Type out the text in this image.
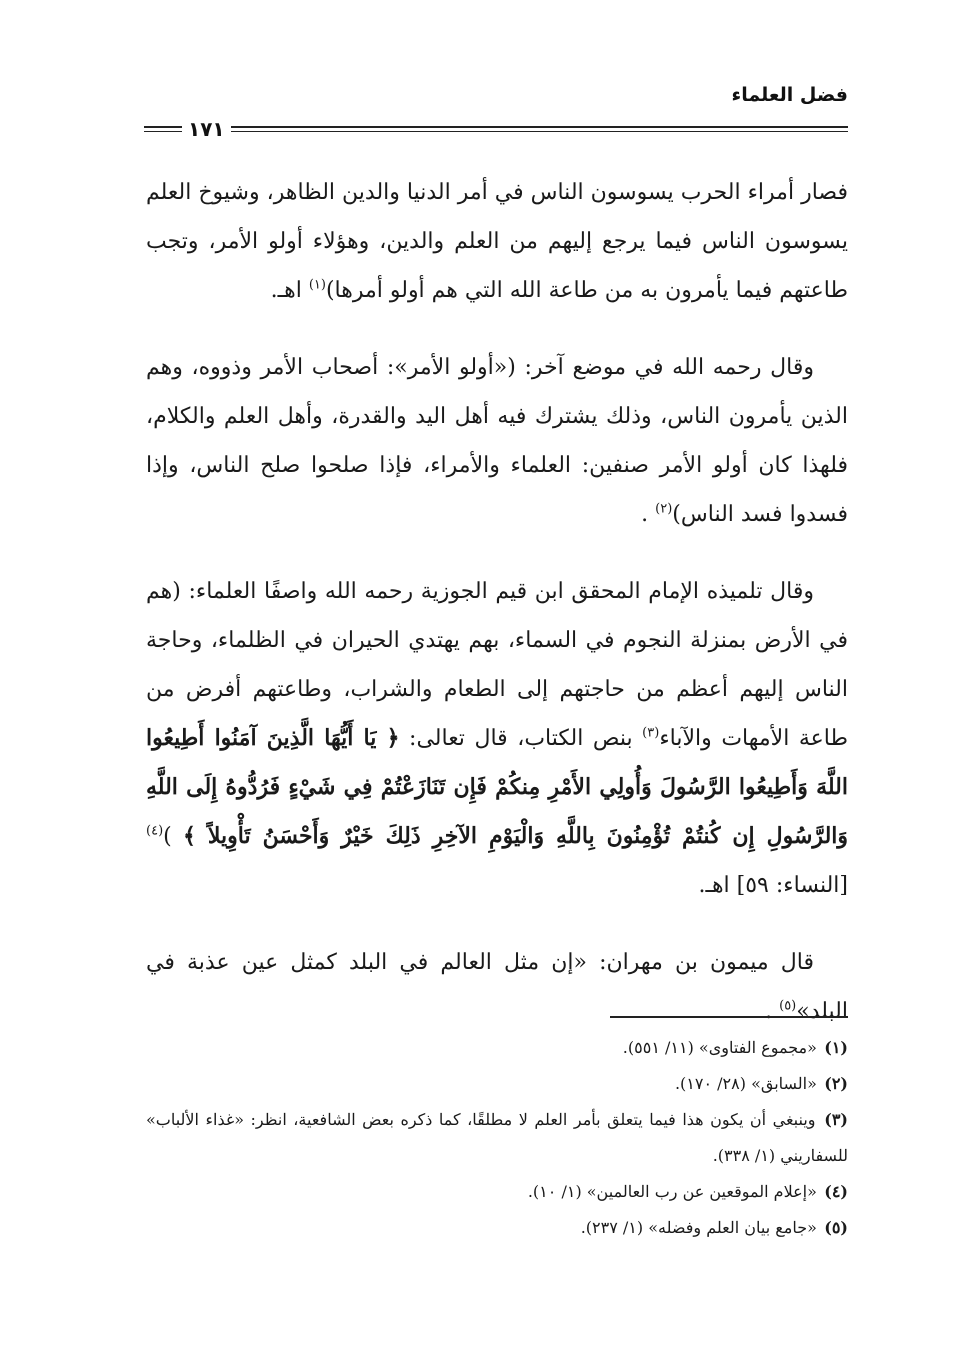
فضل العلماء
١٧١

فصار أمراء الحرب يسوسون الناس في أمر الدنيا والدين الظاهر، وشيوخ العلم يسوسون الناس فيما يرجع إليهم من العلم والدين، وهؤلاء أولو الأمر، وتجب طاعتهم فيما يأمرون به من طاعة الله التي هم أولو أمرها)$^{(١)}$ اهـ.

وقال رحمه الله في موضع آخر: («أولو الأمر»: أصحاب الأمر وذووه، وهم الذين يأمرون الناس، وذلك يشترك فيه أهل اليد والقدرة، وأهل العلم والكلام، فلهذا كان أولو الأمر صنفين: العلماء والأمراء، فإذا صلحوا صلح الناس، وإذا فسدوا فسد الناس)$^{(٢)}$ .

وقال تلميذه الإمام المحقق ابن قيم الجوزية رحمه الله واصفًا العلماء: (هم في الأرض بمنزلة النجوم في السماء، بهم يهتدي الحيران في الظلماء، وحاجة الناس إليهم أعظم من حاجتهم إلى الطعام والشراب، وطاعتهم أفرض من طاعة الأمهات والآباء$^{(٣)}$ بنص الكتاب، قال تعالى: ﴿ يَا أَيُّهَا الَّذِينَ آمَنُوا أَطِيعُوا اللَّهَ وَأَطِيعُوا الرَّسُولَ وَأُولِي الأَمْرِ مِنكُمْ فَإِن تَنَازَعْتُمْ فِي شَيْءٍ فَرُدُّوهُ إِلَى اللَّهِ وَالرَّسُولِ إِن كُنتُمْ تُؤْمِنُونَ بِاللَّهِ وَالْيَوْمِ الآخِرِ ذَلِكَ خَيْرٌ وَأَحْسَنُ تَأْوِيلاً ﴾ )$^{(٤)}$ [النساء: ٥٩] اهـ.

قال ميمون بن مهران: «إن مثل العالم في البلد كمثل عين عذبة في البلد»$^{(٥)}$ .

(١) «مجموع الفتاوى» (١١/ ٥٥١).

(٢) «السابق» (٢٨/ ١٧٠).

(٣) وينبغي أن يكون هذا فيما يتعلق بأمر العلم لا مطلقًا، كما ذكره بعض الشافعية، انظر: «غذاء الألباب» للسفاريني (١/ ٣٣٨).

(٤) «إعلام الموقعين عن رب العالمين» (١/ ١٠).

(٥) «جامع بيان العلم وفضله» (١/ ٢٣٧).
